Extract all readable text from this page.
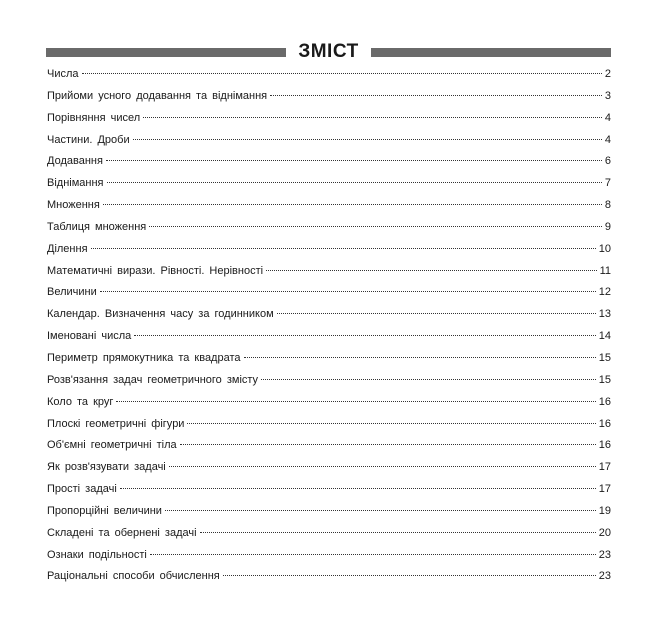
ЗМІСТ
Числа	2
Прийоми усного додавання та віднімання	3
Порівняння чисел	4
Частини. Дроби	4
Додавання	6
Віднімання	7
Множення	8
Таблиця множення	9
Ділення	10
Математичні вирази. Рівності. Нерівності	11
Величини	12
Календар. Визначення часу за годинником	13
Іменовані числа	14
Периметр прямокутника та квадрата	15
Розв'язання задач геометричного змісту	15
Коло та круг	16
Плоскі геометричні фігури	16
Об'ємні геометричні тіла	16
Як розв'язувати задачі	17
Прості задачі	17
Пропорційні величини	19
Складені та обернені задачі	20
Ознаки подільності	23
Раціональні способи обчислення	23
